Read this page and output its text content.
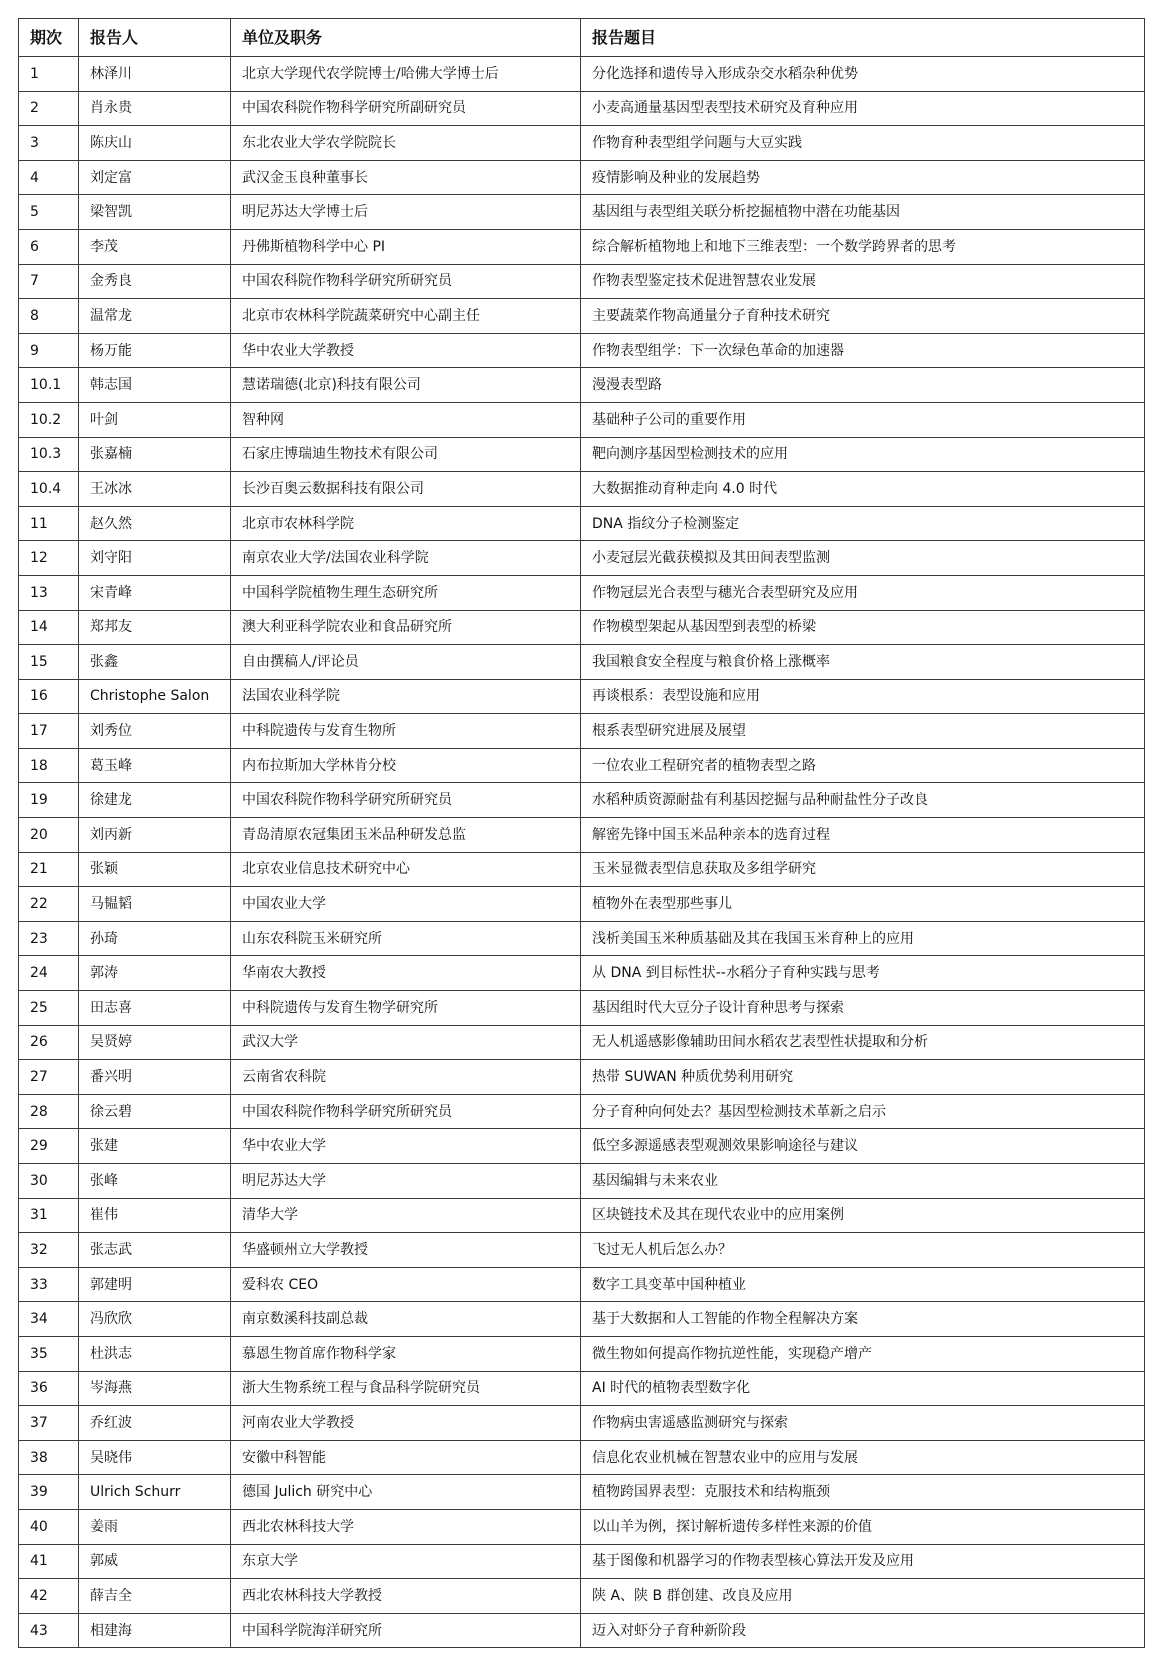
期次	报告人	单位及职务	报告题目
1	林泽川	北京大学现代农学院博士/哈佛大学博士后	分化选择和遗传导入形成杂交水稻杂种优势
2	肖永贵	中国农科院作物科学研究所副研究员	小麦高通量基因型表型技术研究及育种应用
3	陈庆山	东北农业大学农学院院长	作物育种表型组学问题与大豆实践
4	刘定富	武汉金玉良种董事长	疫情影响及种业的发展趋势
5	梁智凯	明尼苏达大学博士后	基因组与表型组关联分析挖掘植物中潜在功能基因
6	李茂	丹佛斯植物科学中心 PI	综合解析植物地上和地下三维表型：一个数学跨界者的思考
7	金秀良	中国农科院作物科学研究所研究员	作物表型鉴定技术促进智慧农业发展
8	温常龙	北京市农林科学院蔬菜研究中心副主任	主要蔬菜作物高通量分子育种技术研究
9	杨万能	华中农业大学教授	作物表型组学：下一次绿色革命的加速器
10.1	韩志国	慧诺瑞德(北京)科技有限公司	漫漫表型路
10.2	叶剑	智种网	基础种子公司的重要作用
10.3	张嘉楠	石家庄博瑞迪生物技术有限公司	靶向测序基因型检测技术的应用
10.4	王冰冰	长沙百奥云数据科技有限公司	大数据推动育种走向 4.0 时代
11	赵久然	北京市农林科学院	DNA 指纹分子检测鉴定
12	刘守阳	南京农业大学/法国农业科学院	小麦冠层光截获模拟及其田间表型监测
13	宋青峰	中国科学院植物生理生态研究所	作物冠层光合表型与穗光合表型研究及应用
14	郑邦友	澳大利亚科学院农业和食品研究所	作物模型架起从基因型到表型的桥梁
15	张鑫	自由撰稿人/评论员	我国粮食安全程度与粮食价格上涨概率
16	Christophe Salon	法国农业科学院	再谈根系：表型设施和应用
17	刘秀位	中科院遗传与发育生物所	根系表型研究进展及展望
18	葛玉峰	内布拉斯加大学林肯分校	一位农业工程研究者的植物表型之路
19	徐建龙	中国农科院作物科学研究所研究员	水稻种质资源耐盐有利基因挖掘与品种耐盐性分子改良
20	刘丙新	青岛清原农冠集团玉米品种研发总监	解密先锋中国玉米品种亲本的选育过程
21	张颖	北京农业信息技术研究中心	玉米显微表型信息获取及多组学研究
22	马韫韬	中国农业大学	植物外在表型那些事儿
23	孙琦	山东农科院玉米研究所	浅析美国玉米种质基础及其在我国玉米育种上的应用
24	郭涛	华南农大教授	从 DNA 到目标性状--水稻分子育种实践与思考
25	田志喜	中科院遗传与发育生物学研究所	基因组时代大豆分子设计育种思考与探索
26	吴贤婷	武汉大学	无人机遥感影像辅助田间水稻农艺表型性状提取和分析
27	番兴明	云南省农科院	热带 SUWAN 种质优势利用研究
28	徐云碧	中国农科院作物科学研究所研究员	分子育种向何处去？基因型检测技术革新之启示
29	张建	华中农业大学	低空多源遥感表型观测效果影响途径与建议
30	张峰	明尼苏达大学	基因编辑与未来农业
31	崔伟	清华大学	区块链技术及其在现代农业中的应用案例
32	张志武	华盛顿州立大学教授	飞过无人机后怎么办？
33	郭建明	爱科农 CEO	数字工具变革中国种植业
34	冯欣欣	南京数溪科技副总裁	基于大数据和人工智能的作物全程解决方案
35	杜洪志	慕恩生物首席作物科学家	微生物如何提高作物抗逆性能，实现稳产增产
36	岑海燕	浙大生物系统工程与食品科学院研究员	AI 时代的植物表型数字化
37	乔红波	河南农业大学教授	作物病虫害遥感监测研究与探索
38	吴晓伟	安徽中科智能	信息化农业机械在智慧农业中的应用与发展
39	Ulrich Schurr	德国 Julich 研究中心	植物跨国界表型：克服技术和结构瓶颈
40	姜雨	西北农林科技大学	以山羊为例，探讨解析遗传多样性来源的价值
41	郭威	东京大学	基于图像和机器学习的作物表型核心算法开发及应用
42	薛吉全	西北农林科技大学教授	陕 A、陕 B 群创建、改良及应用
43	相建海	中国科学院海洋研究所	迈入对虾分子育种新阶段
